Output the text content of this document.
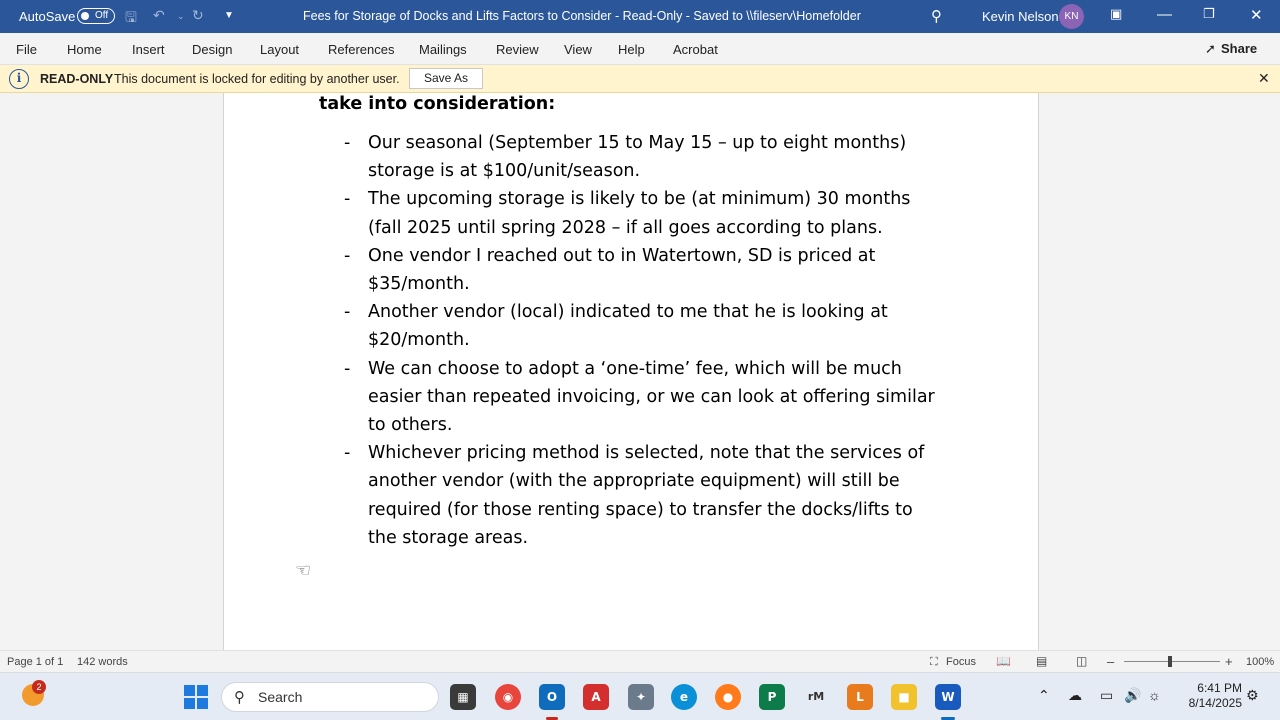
AutoSave Off 🖫 ↶ ⌄ ↻ ▼	Fees for Storage of Docks and Lifts Factors to Consider - Read-Only - Saved to \\fileserv\Homefolder	⚲	Kevin Nelson KN	▣ — ❐ ✕
File Home Insert Design Layout References Mailings Review View Help Acrobat	➚ Share
i	READ-ONLY This document is locked for editing by another user.	Save As	✕
take into consideration:
- Our seasonal (September 15 to May 15 – up to eight months) storage is at $100/unit/season.
- The upcoming storage is likely to be (at minimum) 30 months (fall 2025 until spring 2028 – if all goes according to plans.
- One vendor I reached out to in Watertown, SD is priced at $35/month.
- Another vendor (local) indicated to me that he is looking at $20/month.
- We can choose to adopt a ‘one-time’ fee, which will be much easier than repeated invoicing, or we can look at offering similar to others.
- Whichever pricing method is selected, note that the services of another vendor (with the appropriate equipment) will still be required (for those renting space) to transfer the docks/lifts to the storage areas.
☜
Page 1 of 1 142 words	⛶ Focus 📖 ▤ ◫ –	+ 100%
2
⚲ Search	▦	◉	O	A	✦	e	●	P	rM	L	■	W	⌃ ☁ ▭ 🔊 ☼	6:41 PM
8/14/2025 ⚙
